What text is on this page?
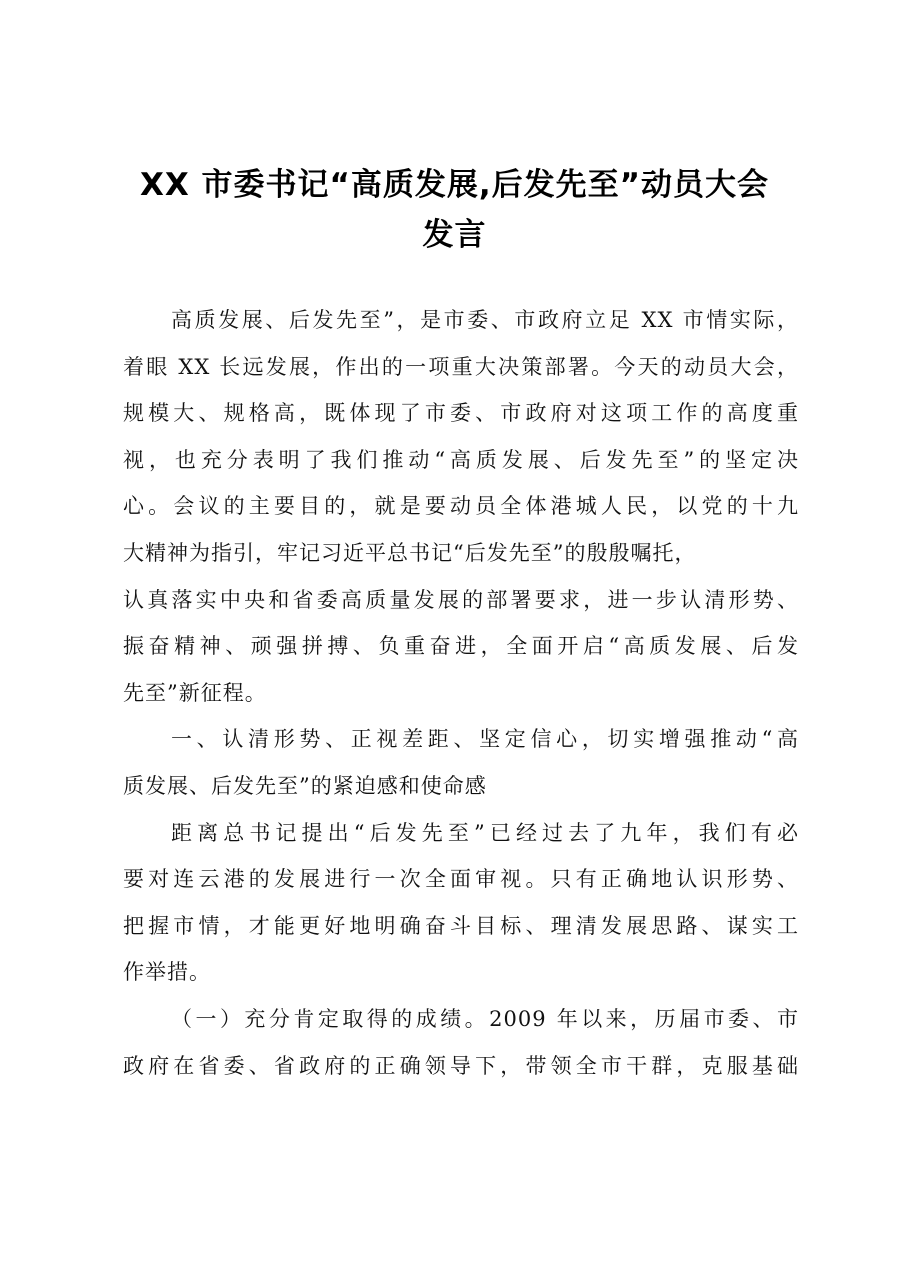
XX 市委书记“高质发展,后发先至”动员大会
发言
高质发展、后发先至”，是市委、市政府立足 XX 市情实际，
着眼 XX 长远发展，作出的一项重大决策部署。今天的动员大会，
规模大、规格高，既体现了市委、市政府对这项工作的高度重
视，也充分表明了我们推动“高质发展、后发先至”的坚定决
心。会议的主要目的，就是要动员全体港城人民，以党的十九
大精神为指引，牢记习近平总书记“后发先至”的殷殷嘱托，
认真落实中央和省委高质量发展的部署要求，进一步认清形势、
振奋精神、顽强拼搏、负重奋进，全面开启“高质发展、后发
先至”新征程。
一、认清形势、正视差距、坚定信心，切实增强推动“高
质发展、后发先至”的紧迫感和使命感
距离总书记提出“后发先至”已经过去了九年，我们有必
要对连云港的发展进行一次全面审视。只有正确地认识形势、
把握市情，才能更好地明确奋斗目标、理清发展思路、谋实工
作举措。
（一）充分肯定取得的成绩。2009 年以来，历届市委、市
政府在省委、省政府的正确领导下，带领全市干群，克服基础
